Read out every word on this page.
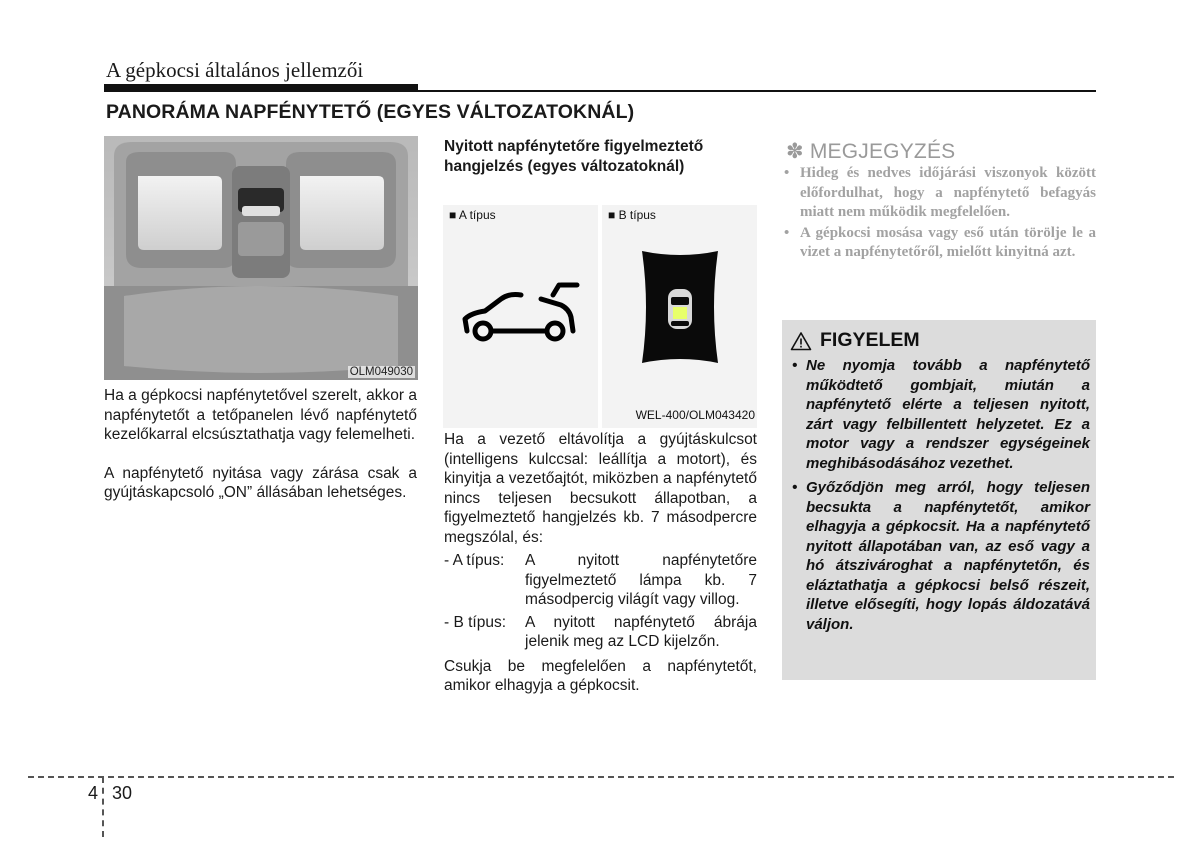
A gépkocsi általános jellemzői
PANORÁMA NAPFÉNYTETŐ (EGYES VÁLTOZATOKNÁL)
OLM049030

Ha a gépkocsi napfénytetővel szerelt, akkor a napfénytetőt a tetőpanelen lévő napfénytető kezelőkarral elcsúsztathatja vagy felemelheti.

A napfénytető nyitása vagy zárása csak a gyújtáskapcsoló „ON” állásában lehetséges.

Nyitott napfénytetőre figyelmeztető hangjelzés (egyes változatoknál)
■ A típus	■ B típus
WEL-400/OLM043420

Ha a vezető eltávolítja a gyújtáskulcsot (intelligens kulccsal: leállítja a motort), és kinyitja a vezetőajtót, miközben a napfénytető nincs teljesen becsukott állapotban, a figyelmeztető hangjelzés kb. 7 másodpercre megszólal, és:

- A típus:	A nyitott napfénytetőre figyelmeztető lámpa kb. 7 másodpercig világít vagy villog.
- B típus:	A nyitott napfénytető ábrája jelenik meg az LCD kijelzőn.

Csukja be megfelelően a napfénytetőt, amikor elhagyja a gépkocsit.

✽ MEGJEGYZÉS
• Hideg és nedves időjárási viszonyok között előfordulhat, hogy a napfénytető befagyás miatt nem működik megfelelően.
• A gépkocsi mosása vagy eső után törölje le a vizet a napfénytetőről, mielőtt kinyitná azt.
FIGYELEM
• Ne nyomja tovább a napfénytető működtető gombjait, miután a napfénytető elérte a teljesen nyitott, zárt vagy felbillentett helyzetet. Ez a motor vagy a rendszer egységeinek meghibásodásához vezethet.
• Győződjön meg arról, hogy teljesen becsukta a napfénytetőt, amikor elhagyja a gépkocsit. Ha a napfénytető nyitott állapotában van, az eső vagy a hó átszivároghat a napfénytetőn, és eláztathatja a gépkocsi belső részeit, illetve elősegíti, hogy lopás áldozatává váljon.
4 30
